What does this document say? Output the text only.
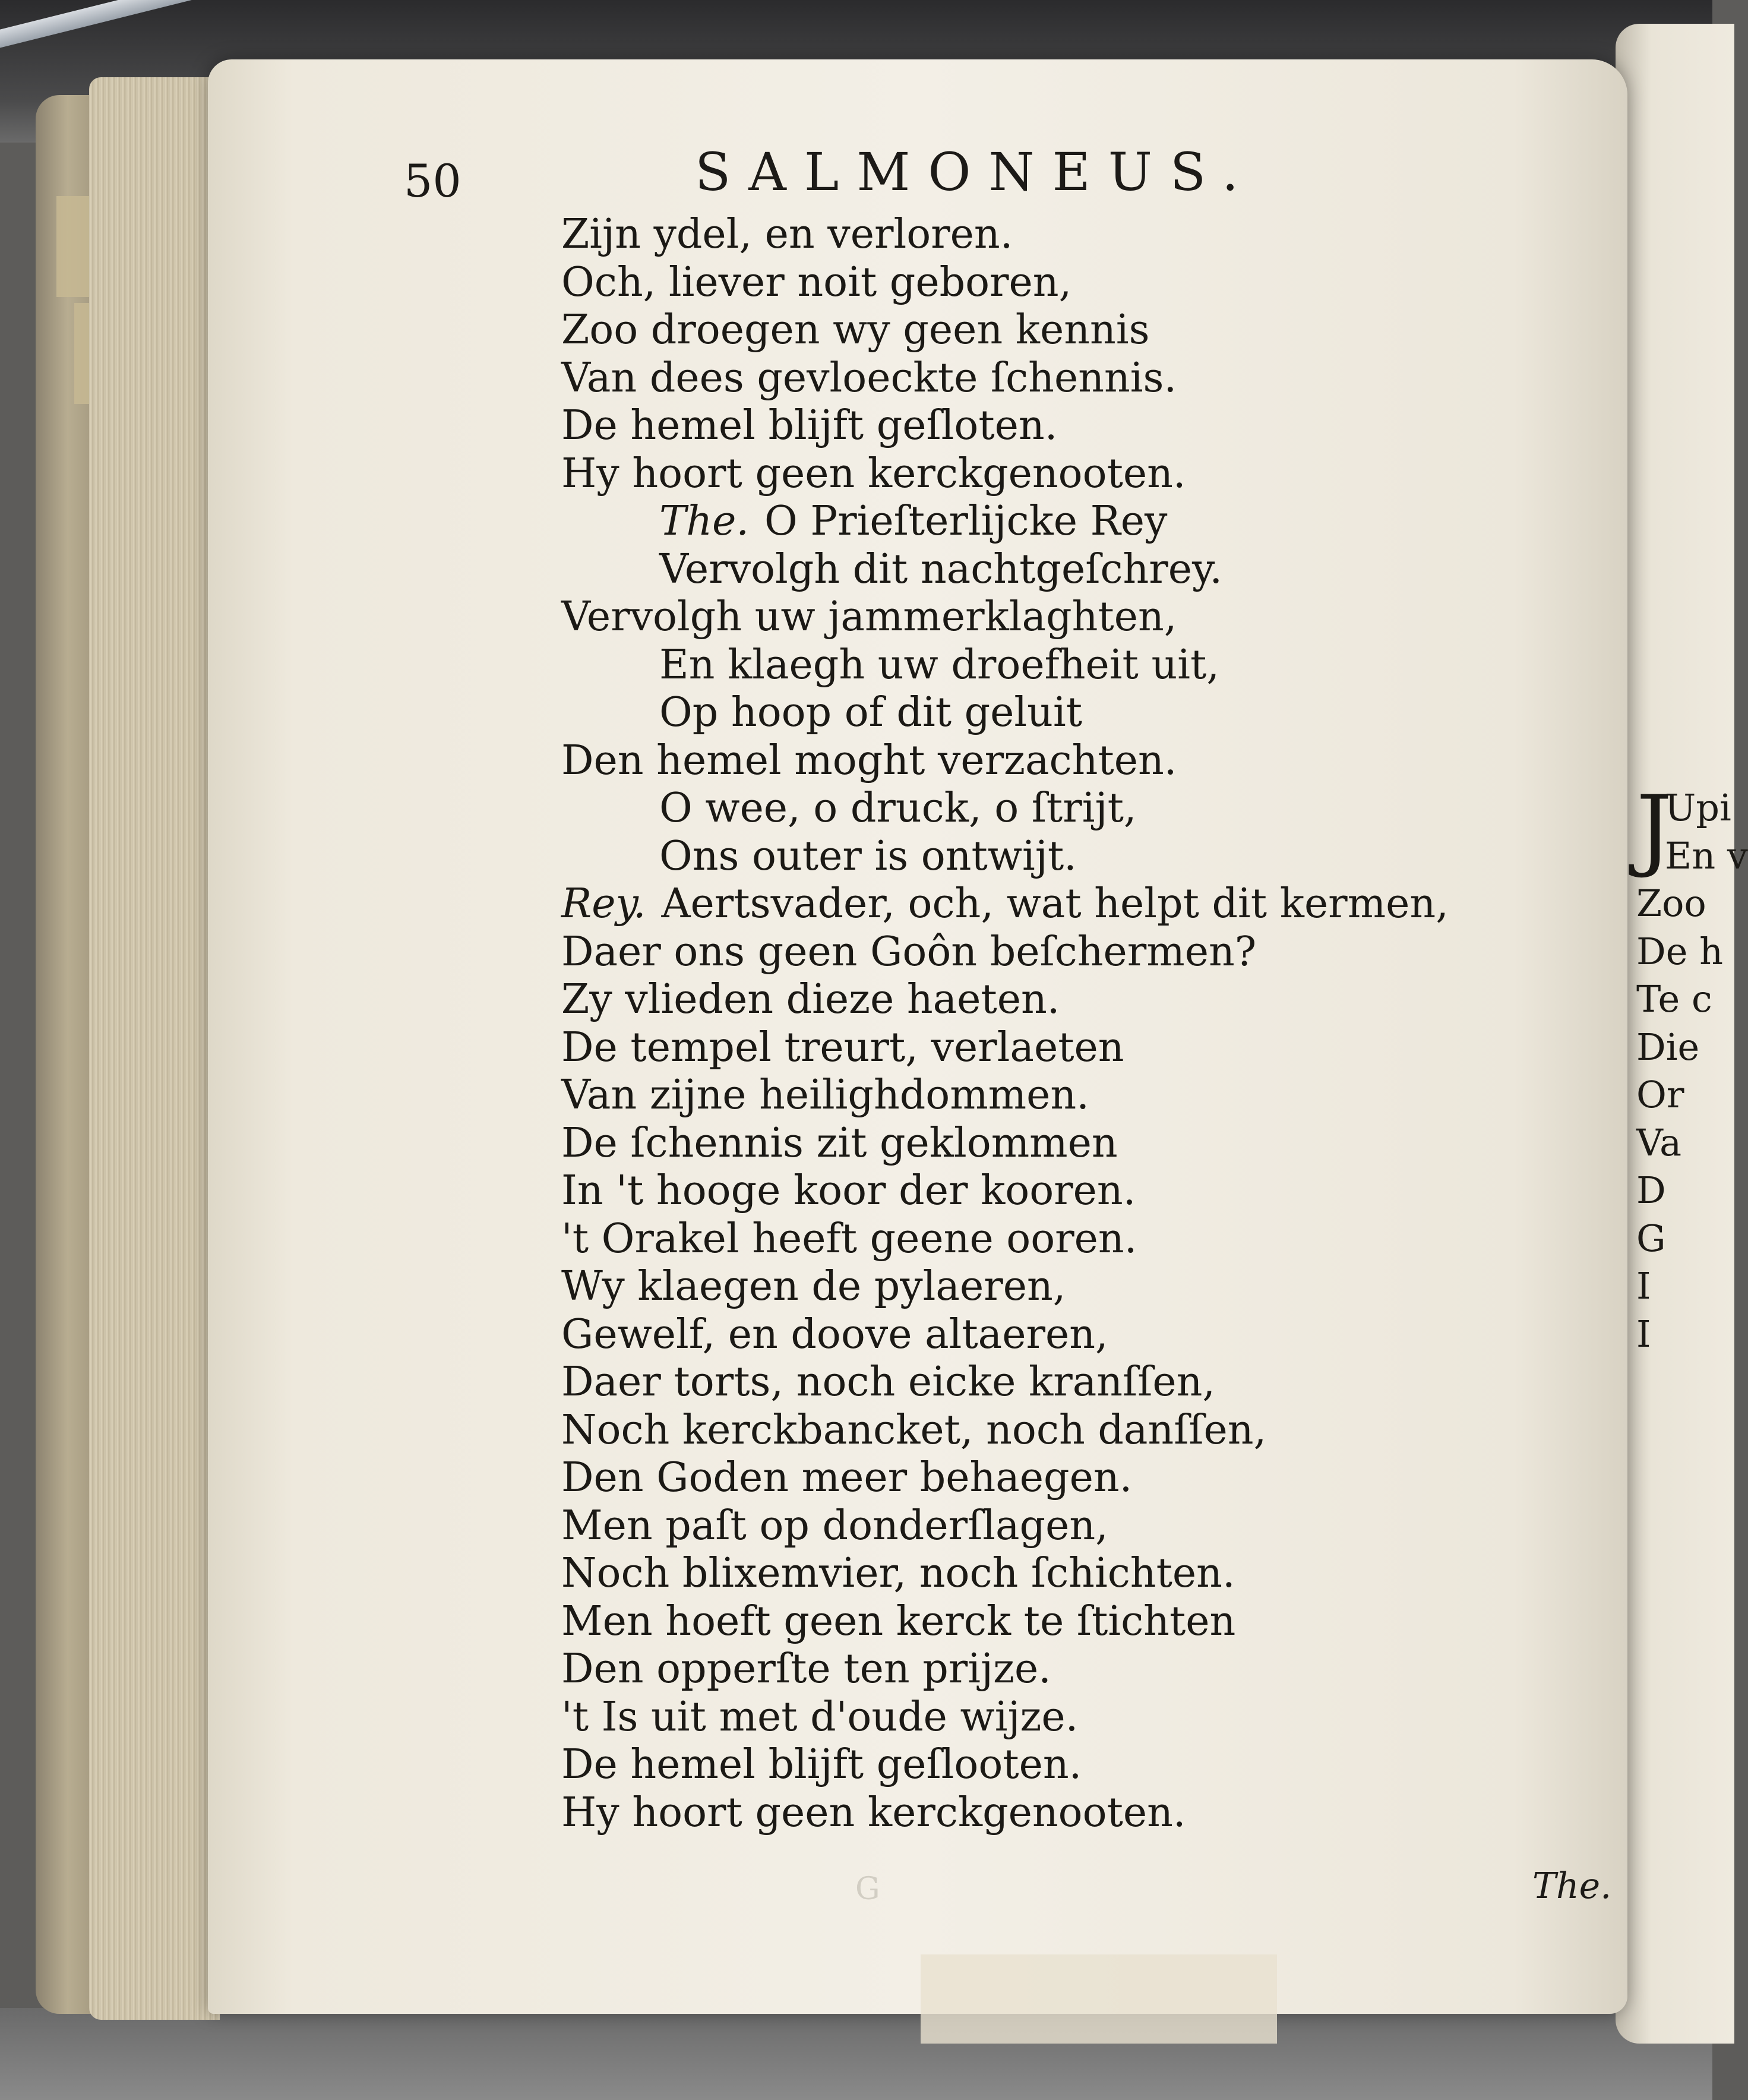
50	SALMONEUS.
Zijn ydel, en verloren.
Och, liever noit geboren,
Zoo droegen wy geen kennis
Van dees gevloeckte ſchennis.
De hemel blijft geſloten.
Hy hoort geen kerckgenooten.
The. O Prieſterlijcke Rey
Vervolgh dit nachtgeſchrey.
Vervolgh uw jammerklaghten,
En klaegh uw droefheit uit,
Op hoop of dit geluit
Den hemel moght verzachten.
O wee, o druck, o ſtrijt,
Ons outer is ontwijt.
Rey. Aertsvader, och, wat helpt dit kermen,
Daer ons geen Goôn beſchermen?
Zy vlieden dieze haeten.
De tempel treurt, verlaeten
Van zijne heilighdommen.
De ſchennis zit geklommen
In 't hooge koor der kooren.
't Orakel heeft geene ooren.
Wy klaegen de pylaeren,
Gewelf, en doove altaeren,
Daer torts, noch eicke kranſſen,
Noch kerckbancket, noch danſſen,
Den Goden meer behaegen.
Men paſt op donderſlagen,
Noch blixemvier, noch ſchichten.
Men hoeft geen kerck te ſtichten
Den opperſte ten prijze.
't Is uit met d'oude wijze.
De hemel blijft geſlooten.
Hy hoort geen kerckgenooten.
G	The.
J
Upi
En v
Zoo
De h
Te c
Die
Or
Va
D
G
I
I
